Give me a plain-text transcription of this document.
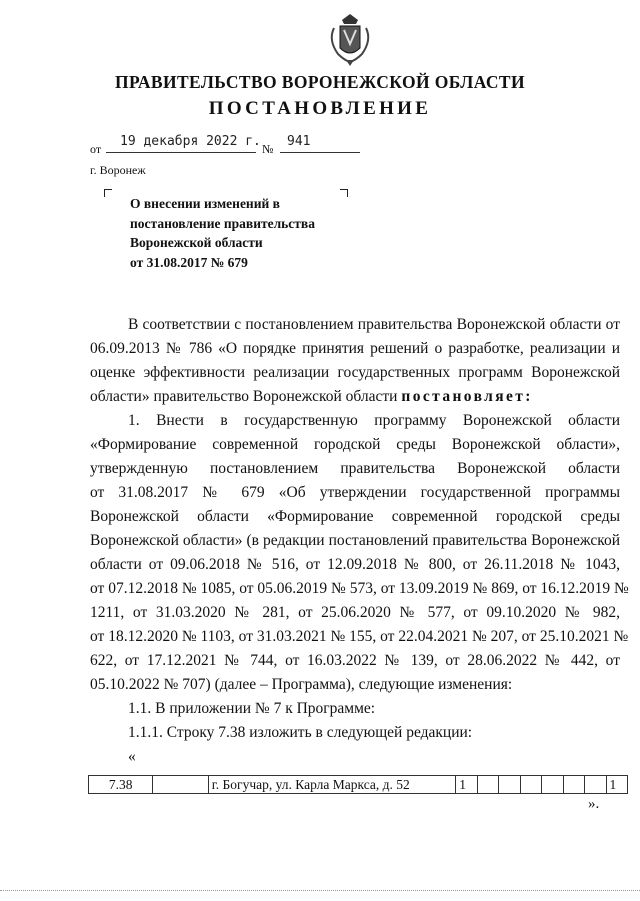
ПРАВИТЕЛЬСТВО ВОРОНЕЖСКОЙ ОБЛАСТИ
ПОСТАНОВЛЕНИЕ
от 19 декабря 2022 г. № 941
г. Воронеж
О внесении изменений в
постановление правительства
Воронежской области
от 31.08.2017 № 679
В соответствии с постановлением правительства Воронежской области от
06.09.2013 № 786 «О порядке принятия решений о разработке, реализации и
оценке эффективности реализации государственных программ Воронежской
области» правительство Воронежской области постановляет:
1. Внести в государственную программу Воронежской области
«Формирование современной городской среды Воронежской области»,
утвержденную постановлением правительства Воронежской области
от 31.08.2017 № 679 «Об утверждении государственной программы
Воронежской области «Формирование современной городской среды
Воронежской области» (в редакции постановлений правительства Воронежской
области от 09.06.2018 № 516, от 12.09.2018 № 800, от 26.11.2018 № 1043,
от 07.12.2018 № 1085, от 05.06.2019 № 573, от 13.09.2019 № 869, от 16.12.2019 №
1211, от 31.03.2020 № 281, от 25.06.2020 № 577, от 09.10.2020 № 982,
от 18.12.2020 № 1103, от 31.03.2021 № 155, от 22.04.2021 № 207, от 25.10.2021 №
622, от 17.12.2021 № 744, от 16.03.2022 № 139, от 28.06.2022 № 442, от
05.10.2022 № 707) (далее – Программа), следующие изменения:
1.1. В приложении № 7 к Программе:
1.1.1. Строку 7.38 изложить в следующей редакции:
«
7.38		г. Богучар, ул. Карла Маркса, д. 52	1							1
».
